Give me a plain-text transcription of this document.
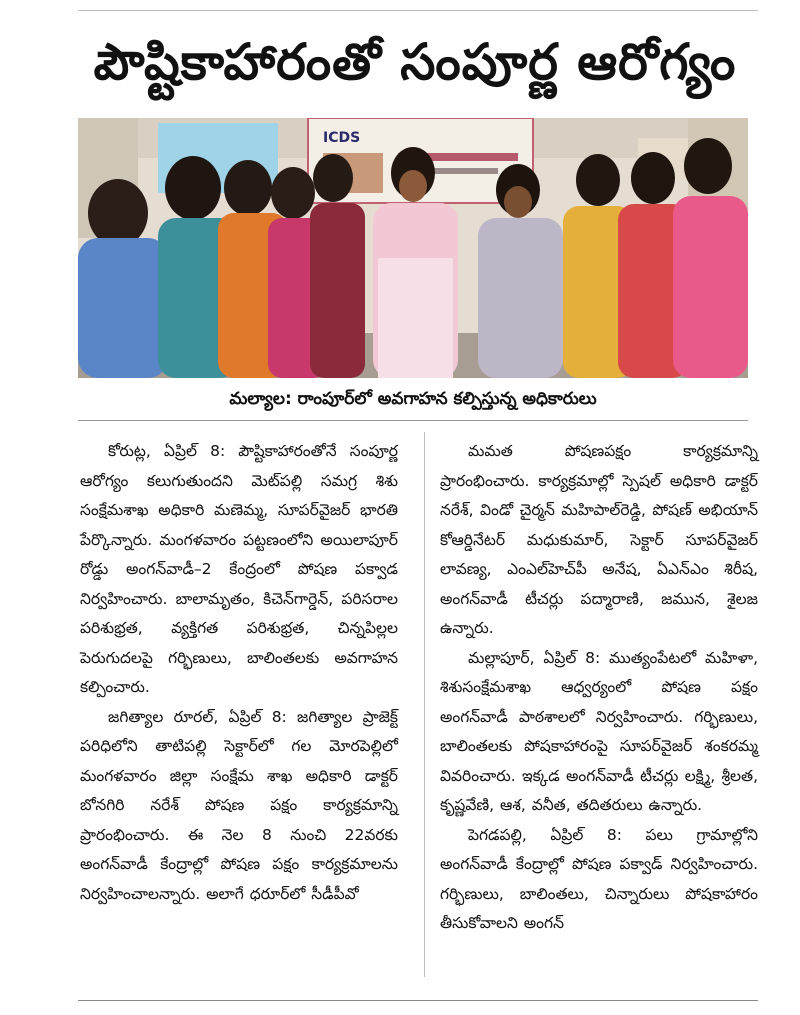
పౌష్టికాహారంతో సంపూర్ణ ఆరోగ్యం
ICDS
మల్యాల: రాంపూర్‌లో అవగాహన కల్పిస్తున్న అధికారులు

కోరుట్ల, ఏప్రిల్ 8: పౌష్టికాహారంతోనే సంపూర్ణ ఆరోగ్యం కలుగుతుందని మెట్‌పల్లి సమగ్ర శిశు సంక్షేమశాఖ అధికారి మణెమ్మ, సూపర్‌వైజర్ భారతి పేర్కొన్నారు. మంగళవారం పట్టణంలోని అయిలాపూర్ రోడ్డు అంగన్‌వాడీ–2 కేంద్రంలో పోషణ పక్వాడ నిర్వహించారు. బాలామృతం, కిచెన్‌గార్డెన్, పరిసరాల పరిశుభ్రత, వ్యక్తిగత పరిశుభ్రత, చిన్నపిల్లల పెరుగుదలపై గర్భిణులు, బాలింతలకు అవగాహన కల్పించారు.

జగిత్యాల రూరల్, ఏప్రిల్ 8: జగిత్యాల ప్రాజెక్ట్ పరిధిలోని తాటిపల్లి సెక్టార్‌లో గల మోరపెల్లిలో మంగళవారం జిల్లా సంక్షేమ శాఖ అధికారి డాక్టర్ బోనగిరి నరేశ్ పోషణ పక్షం కార్యక్రమాన్ని ప్రారంభించారు. ఈ నెల 8 నుంచి 22వరకు అంగన్‌వాడీ కేంద్రాల్లో పోషణ పక్షం కార్యక్రమాలను నిర్వహించాలన్నారు. అలాగే ధరూర్‌లో సీడీపీవో

మమత పోషణపక్షం కార్యక్రమాన్ని ప్రారంభించారు. కార్యక్రమాల్లో స్పెషల్ అధికారి డాక్టర్ నరేశ్, విండో చైర్మన్ మహిపాల్‌రెడ్డి, పోషణ్ అభియాన్ కోఆర్డినేటర్ మధుకుమార్, సెక్టార్ సూపర్‌వైజర్ లావణ్య, ఎంఎల్‌హెచ్‌పీ అనేష, ఏఎన్ఎం శిరీష, అంగన్‌వాడీ టీచర్లు పద్మారాణి, జమున, శైలజ ఉన్నారు.

మల్లాపూర్, ఏప్రిల్ 8: ముత్యంపేటలో మహిళా, శిశుసంక్షేమశాఖ ఆధ్వర్యంలో పోషణ పక్షం అంగన్‌వాడీ పాఠశాలలో నిర్వహించారు. గర్భిణులు, బాలింతలకు పోషకాహారంపై సూపర్‌వైజర్ శంకరమ్మ వివరించారు. ఇక్కడ అంగన్‌వాడీ టీచర్లు లక్ష్మి, శ్రీలత, కృష్ణవేణి, ఆశ, వనీత, తదితరులు ఉన్నారు.

పెగడపల్లి, ఏప్రిల్ 8: పలు గ్రామాల్లోని అంగన్‌వాడీ కేంద్రాల్లో పోషణ పక్వాడ్ నిర్వహించారు. గర్భిణులు, బాలింతలు, చిన్నారులు పోషకాహారం తీసుకోవాలని అంగన్
